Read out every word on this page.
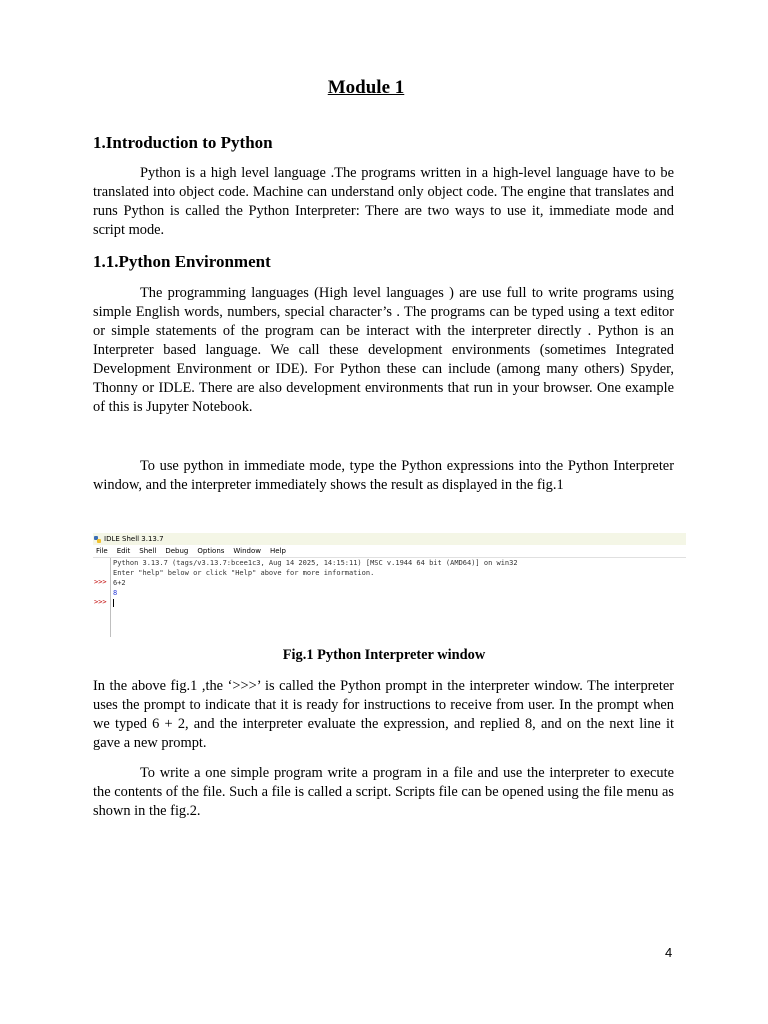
Module 1
1.Introduction to Python

Python is a high level language .The programs written in a high-level language have to be translated into object code. Machine can understand only object code. The engine that translates and runs Python is called the Python Interpreter: There are two ways to use it, immediate mode and script mode.

1.1.Python Environment

The programming languages (High level languages ) are use full to write programs using simple English words, numbers, special character’s . The programs can be typed using a text editor or simple statements of the program can be interact with the interpreter directly . Python is an Interpreter based language. We call these development environments (sometimes Integrated Development Environment or IDE). For Python these can include (among many others) Spyder, Thonny or IDLE. There are also development environments that run in your browser. One example of this is Jupyter Notebook.

To use python in immediate mode, type the Python expressions into the Python Interpreter window, and the interpreter immediately shows the result as displayed in the fig.1

IDLE Shell 3.13.7
File Edit Shell Debug Options Window Help
>>>
>>>
Python 3.13.7 (tags/v3.13.7:bcee1c3, Aug 14 2025, 14:15:11) [MSC v.1944 64 bit (AMD64)] on win32
Enter "help" below or click "Help" above for more information.
6+2
8
Fig.1 Python Interpreter window

In the above fig.1 ,the ‘>>>’ is called the Python prompt in the interpreter window. The interpreter uses the prompt to indicate that it is ready for instructions to receive from user. In the prompt when we typed 6 + 2, and the interpreter evaluate the expression, and replied 8, and on the next line it gave a new prompt.

To write a one simple program write a program in a file and use the interpreter to execute the contents of the file. Such a file is called a script. Scripts file can be opened using the file menu as shown in the fig.2.

4
